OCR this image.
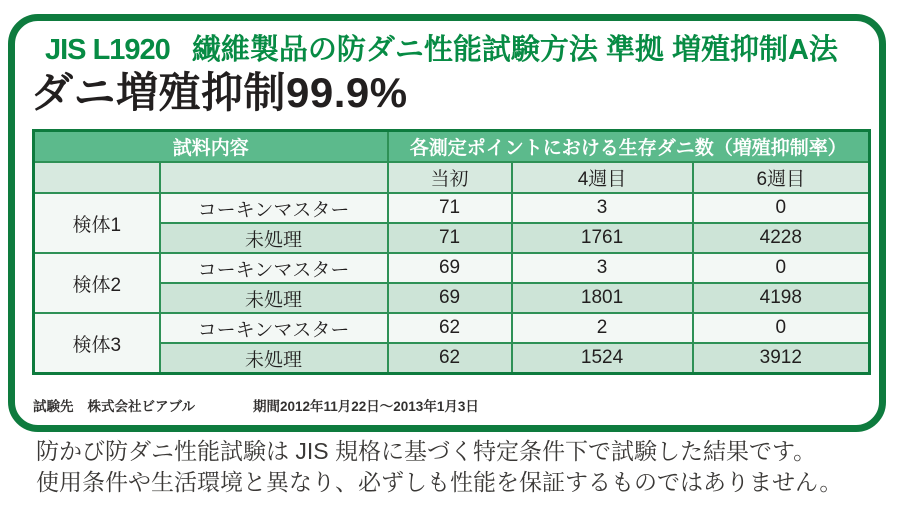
JIS L1920 繊維製品の防ダニ性能試験方法 準拠 増殖抑制A法
ダニ増殖抑制99.9%
試料内容		各測定ポイントにおける生存ダニ数（増殖抑制率）		
		当初	4週目	6週目
検体1	コーキンマスター	71	3	0
	未処理	71	1761	4228
検体2	コーキンマスター	69	3	0
	未処理	69	1801	4198
検体3	コーキンマスター	62	2	0
	未処理	62	1524	3912
試験先 株式会社ビアブル	期間2012年11月22日～2013年1月3日
防かび防ダニ性能試験は JIS 規格に基づく特定条件下で試験した結果です。
使用条件や生活環境と異なり、必ずしも性能を保証するものではありません。
